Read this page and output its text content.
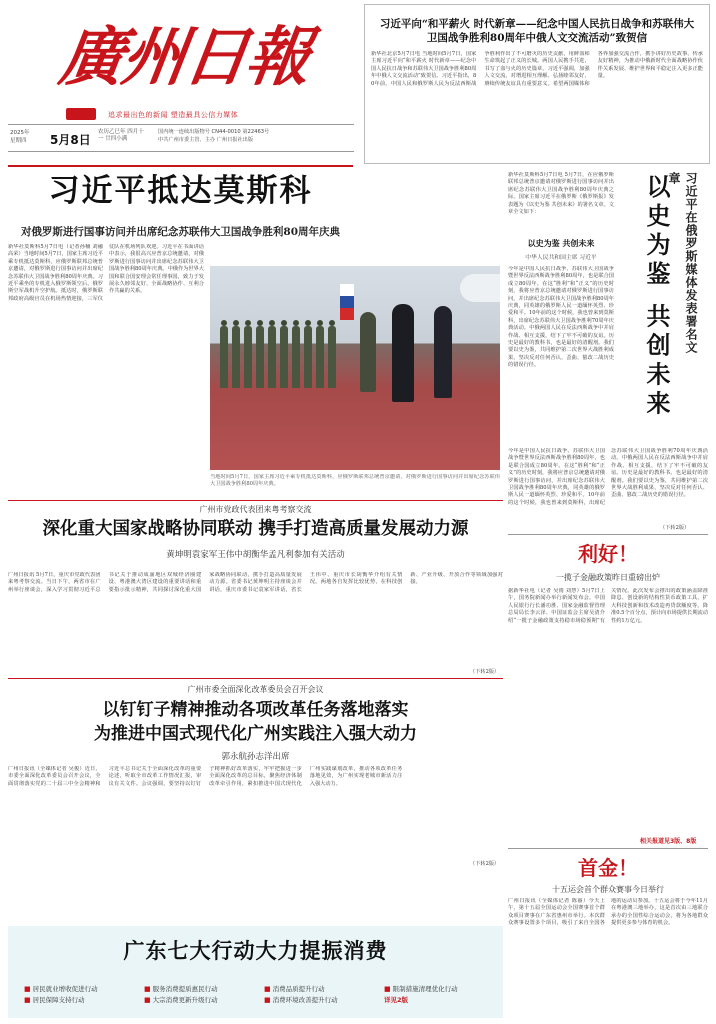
廣州日報
追求最出色的新闻 塑造最具公信力媒体
2025年
星期四 5月8日
农历乙巳年 四月十一 廿四小满
国内统一连续出版物号 CN44-0010 第22463号
中共广州市委主管、主办 广州日报社出版
习近平向“和平薪火 时代新章——纪念中国人民抗日战争和苏联伟大卫国战争胜利80周年中俄人文交流活动”致贺信
新华社北京5月7日电 当地时间5月7日，国家主席习近平向“和平薪火 时代新章——纪念中国人民抗日战争和苏联伟大卫国战争胜利80周年中俄人文交流活动”致贺信。习近平指出，80年前，中国人民和俄罗斯人民为反法西斯战争胜利作出了不可磨灭的历史贡献，用鲜血和生命筑起了正义的长城。两国人民携手共进，书写了血与火的历史篇章。习近平强调，加强人文交流，对增进相互理解、弘扬睦邻友好、赓续传统友谊具有重要意义。希望两国媒体和各界加强交流合作，携手讲好历史故事、传承友好精神，为推动中俄新时代全面战略协作伙伴关系发展、维护世界和平稳定注入更多正能量。
习近平抵达莫斯科
对俄罗斯进行国事访问并出席纪念苏联伟大卫国战争胜利80周年庆典
新华社莫斯科5月7日电（记者孙楠 刘融 高荣）当地时间5月7日，国家主席习近平乘专机抵达莫斯科，应俄罗斯联邦总统普京邀请，对俄罗斯进行国事访问并出席纪念苏联伟大卫国战争胜利80周年庆典。习近平乘坐的专机进入俄罗斯领空后，俄罗斯空军战机升空护航。抵达时，俄罗斯联邦政府高级官员在机场热情迎接，三军仪仗队在机场列队欢迎。习近平在书面讲话中表示，我很高兴应普京总统邀请，对俄罗斯进行国事访问并出席纪念苏联伟大卫国战争胜利80周年庆典。中俄作为世界大国和联合国安理会常任理事国，致力于发展永久睦邻友好、全面战略协作、互利合作共赢的关系。
当地时间5月7日，国家主席习近平乘专机抵达莫斯科，应俄罗斯联邦总统普京邀请，对俄罗斯进行国事访问并出席纪念苏联伟大卫国战争胜利80周年庆典。
习近平在俄罗斯媒体发表署名文章
以史为鉴 共创未来
新华社莫斯科5月7日电 5月7日，在应俄罗斯联邦总统普京邀请对俄罗斯进行国事访问并出席纪念苏联伟大卫国战争胜利80周年庆典之际，国家主席习近平在俄罗斯《俄罗斯报》发表题为《以史为鉴 共创未来》的署名文章。文章全文如下：
以史为鉴 共创未来
中华人民共和国主席 习近平
今年是中国人民抗日战争、苏联伟大卫国战争暨世界反法西斯战争胜利80周年，也是联合国成立80周年。在这“胜利”和“正义”的历史时刻，我将应普京总统邀请对俄罗斯进行国事访问，并出席纪念苏联伟大卫国战争胜利80周年庆典，同英雄的俄罗斯人民一道缅怀英烈、珍爱和平。10年前的这个时候，我也曾来到莫斯科，出席纪念苏联伟大卫国战争胜利70周年庆典活动。中俄两国人民在反法西斯战争中并肩作战、相互支援，结下了牢不可破的友谊。历史是最好的教科书，也是最好的清醒剂。我们要以史为鉴，共同维护第二次世界大战胜利成果，坚决反对任何否认、歪曲、篡改二战历史的错误行径。
今年是中国人民抗日战争、苏联伟大卫国战争暨世界反法西斯战争胜利80周年，也是联合国成立80周年。在这“胜利”和“正义”的历史时刻，我将应普京总统邀请对俄罗斯进行国事访问，并出席纪念苏联伟大卫国战争胜利80周年庆典，同英雄的俄罗斯人民一道缅怀英烈、珍爱和平。10年前的这个时候，我也曾来到莫斯科，出席纪念苏联伟大卫国战争胜利70周年庆典活动。中俄两国人民在反法西斯战争中并肩作战、相互支援，结下了牢不可破的友谊。历史是最好的教科书，也是最好的清醒剂。我们要以史为鉴，共同维护第二次世界大战胜利成果，坚决反对任何否认、歪曲、篡改二战历史的错误行径。
（下转2版）
广州市党政代表团来粤考察交流
深化重大国家战略协同联动 携手打造高质量发展动力源
黄坤明袁家军王伟中胡衡华孟凡利参加有关活动
广州日报讯 5月7日，重庆市党政代表团来粤考察交流。当日下午，两省市在广州举行座谈会，深入学习贯彻习近平总书记关于推动成渝地区双城经济圈建设、粤港澳大湾区建设的重要讲话和重要指示批示精神，共同探讨深化重大国家战略协同联动，携手打造高质量发展动力源。省委书记黄坤明主持座谈会并讲话，重庆市委书记袁家军讲话，省长王伟中、重庆市长胡衡华介绍有关情况。两地各自发挥比较优势，在科技创新、产业升级、开放合作等领域加强对接。
（下转2版）
广州市委全面深化改革委员会召开会议
以钉钉子精神推动各项改革任务落地落实
为推进中国式现代化广州实践注入强大动力
郭永航孙志洋出席
广州日报讯（全媒体记者 吴俊）近日，市委全面深化改革委员会召开会议，全面贯彻落实党的二十届三中全会精神和习近平总书记关于全面深化改革的重要论述，听取全市改革工作情况汇报，审议有关文件。会议强调，要坚持以钉钉子精神抓好改革落实，牢牢把握进一步全面深化改革的总目标，聚焦经济体制改革牵引作用，紧扣推进中国式现代化广州实践谋划改革，推动各项改革任务落地见效，为广州实现老城市新活力注入强大动力。
（下转2版）
利好！
一揽子金融政策昨日重磅出炉
据新华社电（记者 吴雨 刘慧）5月7日上午，国务院新闻办举行新闻发布会。中国人民银行行长潘功胜、国家金融监督管理总局局长李云泽、中国证监会主席吴清介绍“一揽子金融政策支持稳市场稳预期”有关情况。此次发布会推出的政策涵盖降准降息、创设新的结构性货币政策工具、扩大科技创新和技术改造再贷款额度等。降准0.5个百分点，预计向市场提供长期流动性约1万亿元。
相关报道见3版、8版
首金！
十五运会首个群众赛事今日举行
广州日报讯（全媒体记者 陈丽）今天上午，第十五届全国运动会全国赛事首个群众项目赛事在广东省惠州市举行。本次群众赛事设置多个项目，吸引了来自全国各地的运动员参加。十五运会将于今年11月在粤港澳三地举办，这是首次由三地联合承办的全国性综合运动会，将为各地群众提供更多参与体育的机会。
广东七大行动大力提振消费
■ 居民就业增收促进行动	■ 服务消费提质惠民行动	■ 消费品质提升行动	■ 限制措施清理优化行动
■ 居民保障支持行动	■ 大宗消费更新升级行动	■ 消费环境改善提升行动	详见2版
